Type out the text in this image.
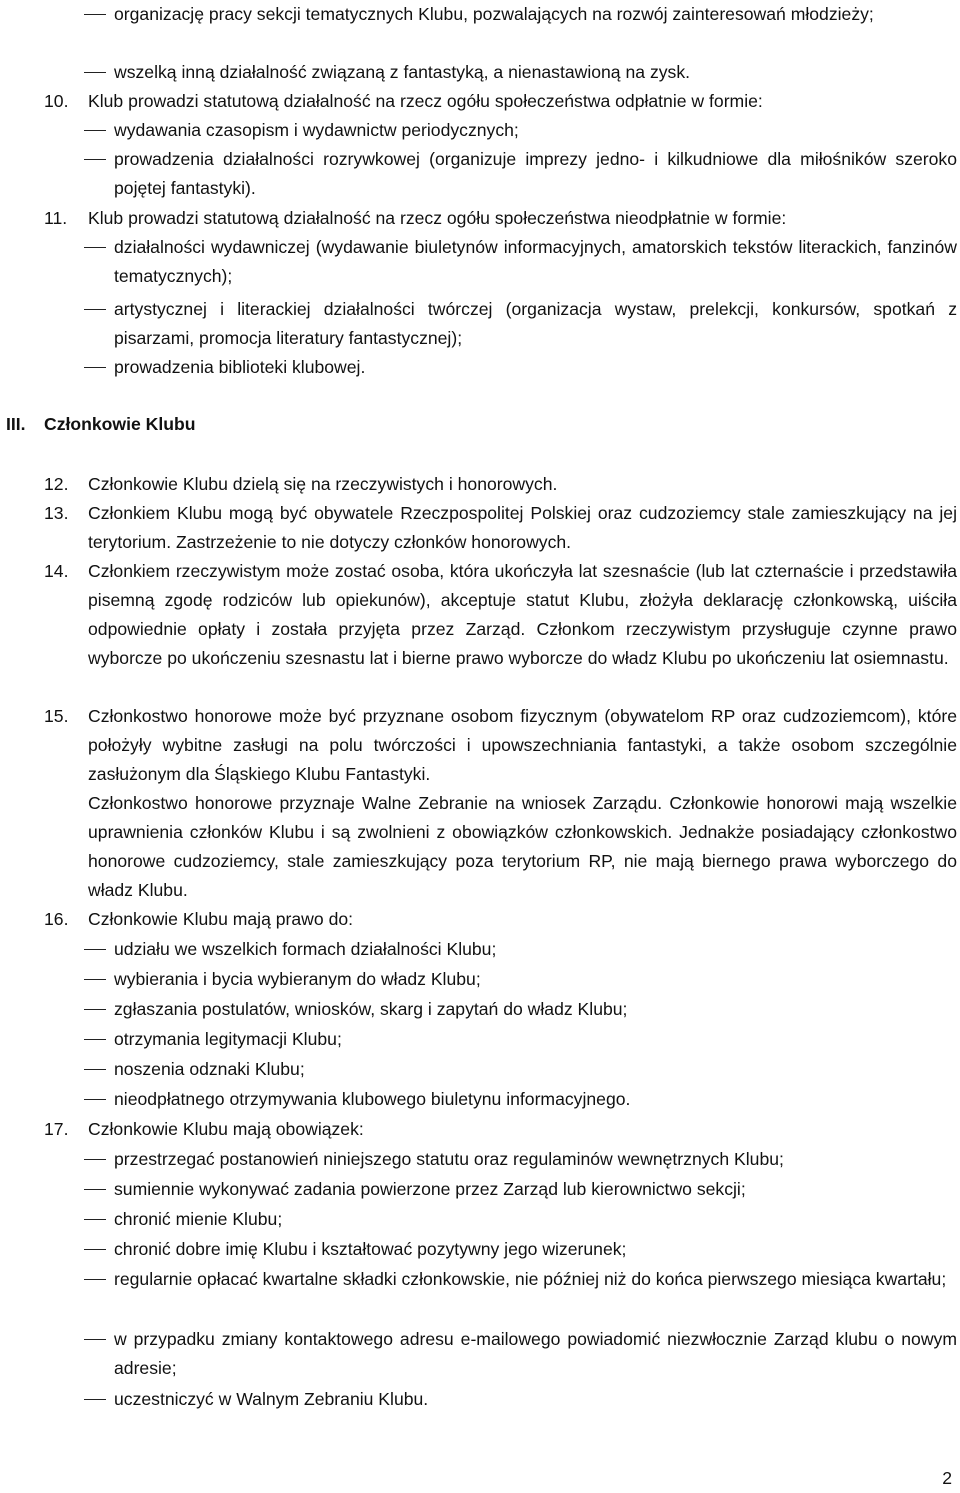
organizację pracy sekcji tematycznych Klubu, pozwalających na rozwój zainteresowań młodzieży;
wszelką inną działalność związaną z fantastyką, a nienastawioną na zysk.
10.	Klub prowadzi statutową działalność na rzecz ogółu społeczeństwa odpłatnie w formie:
wydawania czasopism i wydawnictw periodycznych;
prowadzenia działalności rozrywkowej (organizuje imprezy jedno- i kilkudniowe dla miłośników szeroko pojętej fantastyki).
11.	Klub prowadzi statutową działalność na rzecz ogółu społeczeństwa nieodpłatnie w formie:
działalności wydawniczej (wydawanie biuletynów informacyjnych, amatorskich tekstów literackich, fanzinów tematycznych);
artystycznej i literackiej działalności twórczej (organizacja wystaw, prelekcji, konkursów, spotkań z pisarzami, promocja literatury fantastycznej);
prowadzenia biblioteki klubowej.
III. Członkowie Klubu
12.	Członkowie Klubu dzielą się na rzeczywistych i honorowych.
13.	Członkiem Klubu mogą być obywatele Rzeczpospolitej Polskiej oraz cudzoziemcy stale zamieszkujący na jej terytorium. Zastrzeżenie to nie dotyczy członków honorowych.
14.	Członkiem rzeczywistym może zostać osoba, która ukończyła lat szesnaście (lub lat czternaście i przedstawiła pisemną zgodę rodziców lub opiekunów), akceptuje statut Klubu, złożyła deklarację członkowską, uiściła odpowiednie opłaty i została przyjęta przez Zarząd. Członkom rzeczywistym przysługuje czynne prawo wyborcze po ukończeniu szesnastu lat i bierne prawo wyborcze do władz Klubu po ukończeniu lat osiemnastu.
15.	Członkostwo honorowe może być przyznane osobom fizycznym (obywatelom RP oraz cudzoziemcom), które położyły wybitne zasługi na polu twórczości i upowszechniania fantastyki, a także osobom szczególnie zasłużonym dla Śląskiego Klubu Fantastyki.
Członkostwo honorowe przyznaje Walne Zebranie na wniosek Zarządu. Członkowie honorowi mają wszelkie uprawnienia członków Klubu i są zwolnieni z obowiązków członkowskich. Jednakże posiadający członkostwo honorowe cudzoziemcy, stale zamieszkujący poza terytorium RP, nie mają biernego prawa wyborczego do władz Klubu.
16.	Członkowie Klubu mają prawo do:
udziału we wszelkich formach działalności Klubu;
wybierania i bycia wybieranym do władz Klubu;
zgłaszania postulatów, wniosków, skarg i zapytań do władz Klubu;
otrzymania legitymacji Klubu;
noszenia odznaki Klubu;
nieodpłatnego otrzymywania klubowego biuletynu informacyjnego.
17.	Członkowie Klubu mają obowiązek:
przestrzegać postanowień niniejszego statutu oraz regulaminów wewnętrznych Klubu;
sumiennie wykonywać zadania powierzone przez Zarząd lub kierownictwo sekcji;
chronić mienie Klubu;
chronić dobre imię Klubu i kształtować pozytywny jego wizerunek;
regularnie opłacać kwartalne składki członkowskie, nie później niż do końca pierwszego miesiąca kwartału;
w przypadku zmiany kontaktowego adresu e-mailowego powiadomić niezwłocznie Zarząd klubu o nowym adresie;
uczestniczyć w Walnym Zebraniu Klubu.
2
